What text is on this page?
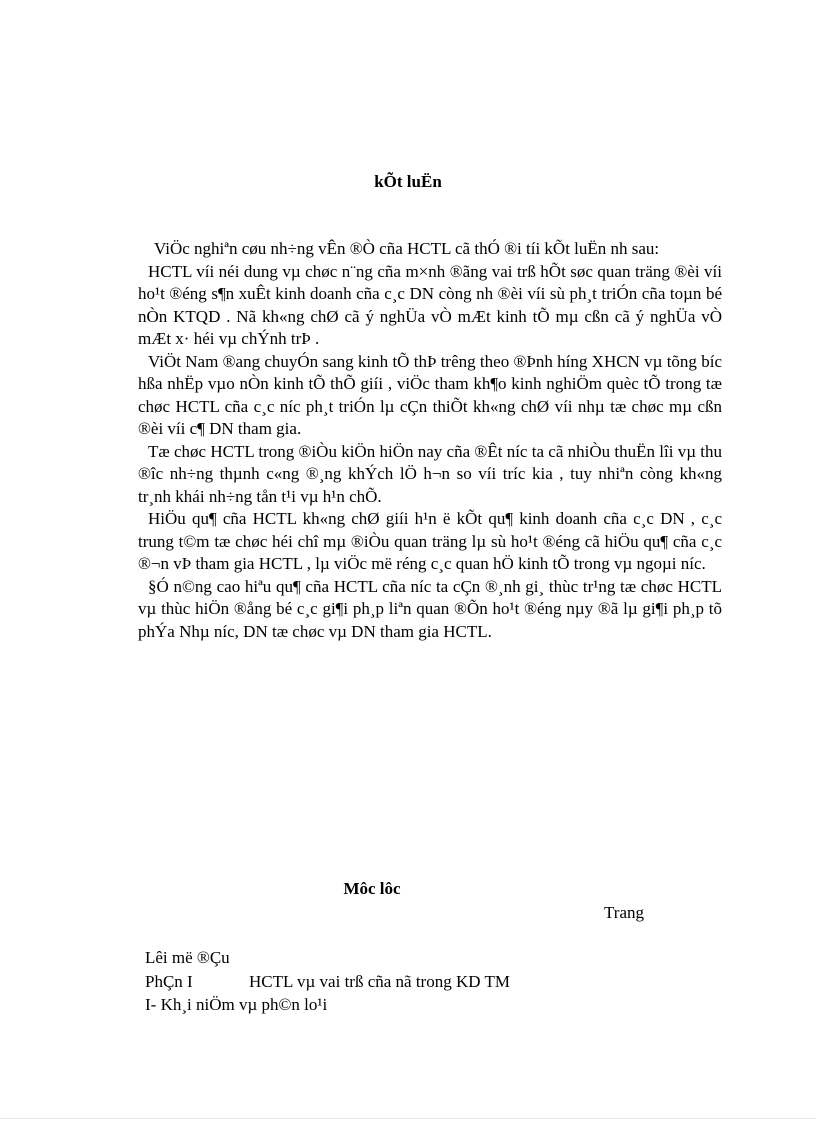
kÕt luËn

ViÖc nghiªn cøu nh÷ng vÊn ®Ò cña HCTL cã thÓ ®i tíi kÕt luËn nh sau:

HCTL víi néi dung vµ chøc n¨ng cña m×nh ®ãng vai trß hÕt søc quan träng ®èi víi ho¹t ®éng s¶n xuÊt kinh doanh cña c¸c DN còng nh ®èi víi sù ph¸t triÓn cña toµn bé nÒn KTQD . Nã kh«ng chØ cã ý nghÜa vÒ mÆt kinh tÕ mµ cßn cã ý nghÜa vÒ mÆt x· héi vµ chÝnh trÞ .

ViÖt Nam ®ang chuyÓn sang kinh tÕ thÞ trêng theo ®Þnh híng XHCN vµ tõng bíc hßa nhËp vµo nÒn kinh tÕ thÕ giíi , viÖc tham kh¶o kinh nghiÖm quèc tÕ trong tæ chøc HCTL cña c¸c níc ph¸t triÓn lµ cÇn thiÕt kh«ng chØ víi nhµ tæ chøc mµ cßn ®èi víi c¶ DN tham gia.

Tæ chøc HCTL trong ®iÒu kiÖn hiÖn nay cña ®Êt níc ta cã nhiÒu thuËn lîi vµ thu ®îc nh÷ng thµnh c«ng ®¸ng khÝch lÖ h¬n so víi tríc kia , tuy nhiªn còng kh«ng tr¸nh khái nh÷ng tån t¹i vµ h¹n chÕ.

HiÖu qu¶ cña HCTL kh«ng chØ giíi h¹n ë kÕt qu¶ kinh doanh cña c¸c DN , c¸c trung t©m tæ chøc héi chî mµ ®iÒu quan träng lµ sù ho¹t ®éng cã hiÖu qu¶ cña c¸c ®¬n vÞ tham gia HCTL , lµ viÖc më réng c¸c quan hÖ kinh tÕ trong vµ ngoµi níc.

§Ó n©ng cao hiªu qu¶ cña HCTL cña níc ta cÇn ®¸nh gi¸ thùc tr¹ng tæ chøc HCTL vµ thùc hiÖn ®ång bé c¸c gi¶i ph¸p liªn quan ®Õn ho¹t ®éng nµy ®ã lµ gi¶i ph¸p tõ phÝa Nhµ níc, DN tæ chøc vµ DN tham gia HCTL.

Môc lôc
Trang
Lêi më ®Çu
PhÇn I	HCTL vµ vai trß cña nã trong KD TM
I- Kh¸i niÖm vµ ph©n lo¹i
